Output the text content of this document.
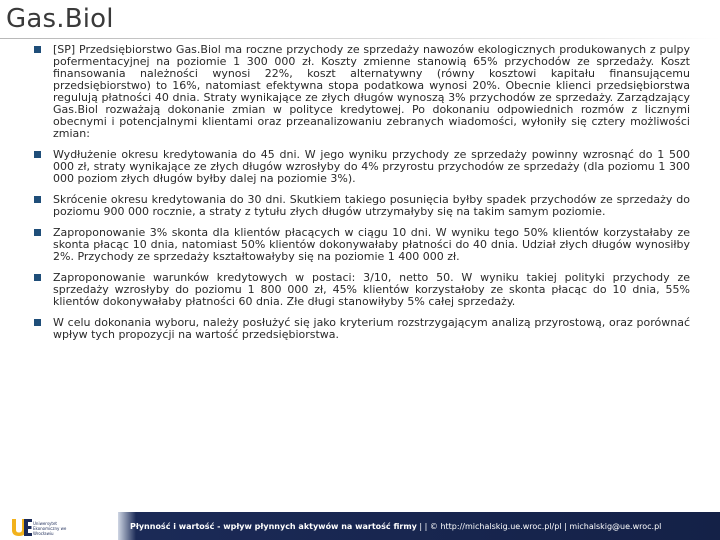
Gas.Biol
[SP] Przedsiębiorstwo Gas.Biol ma roczne przychody ze sprzedaży nawozów ekologicznych produkowanych z pulpy pofermentacyjnej na poziomie 1 300 000 zł. Koszty zmienne stanowią 65% przychodów ze sprzedaży. Koszt finansowania należności wynosi 22%, koszt alternatywny (równy kosztowi kapitału finansującemu przedsiębiorstwo) to 16%, natomiast efektywna stopa podatkowa wynosi 20%. Obecnie klienci przedsiębiorstwa regulują płatności 40 dnia. Straty wynikające ze złych długów wynoszą 3% przychodów ze sprzedaży. Zarządzający Gas.Biol rozważają dokonanie zmian w polityce kredytowej. Po dokonaniu odpowiednich rozmów z licznymi obecnymi i potencjalnymi klientami oraz przeanalizowaniu zebranych wiadomości, wyłoniły się cztery możliwości zmian:
Wydłużenie okresu kredytowania do 45 dni. W jego wyniku przychody ze sprzedaży powinny wzrosnąć do 1 500 000 zł, straty wynikające ze złych długów wzrosłyby do 4% przyrostu przychodów ze sprzedaży (dla poziomu 1 300 000 poziom złych długów byłby dalej na poziomie 3%).
Skrócenie okresu kredytowania do 30 dni. Skutkiem takiego posunięcia byłby spadek przychodów ze sprzedaży do poziomu 900 000 rocznie, a straty z tytułu złych długów utrzymałyby się na takim samym poziomie.
Zaproponowanie 3% skonta dla klientów płacących w ciągu 10 dni. W wyniku tego 50% klientów korzystałaby ze skonta płacąc 10 dnia, natomiast 50% klientów dokonywałaby płatności do 40 dnia. Udział złych długów wynosiłby 2%. Przychody ze sprzedaży kształtowałyby się na poziomie 1 400 000 zł.
Zaproponowanie warunków kredytowych w postaci: 3/10, netto 50. W wyniku takiej polityki przychody ze sprzedaży wzrosłyby do poziomu 1 800 000 zł, 45% klientów korzystałoby ze skonta płacąc do 10 dnia, 55% klientów dokonywałaby płatności 60 dnia. Złe długi stanowiłyby 5% całej sprzedaży.
W celu dokonania wyboru, należy posłużyć się jako kryterium rozstrzygającym analizą przyrostową, oraz porównać wpływ tych propozycji na wartość przedsiębiorstwa.
Uniwersytet Ekonomiczny we Wrocławiu
Płynność i wartość - wpływ płynnych aktywów na wartość firmy | | © http://michalskig.ue.wroc.pl/pl | michalskig@ue.wroc.pl
